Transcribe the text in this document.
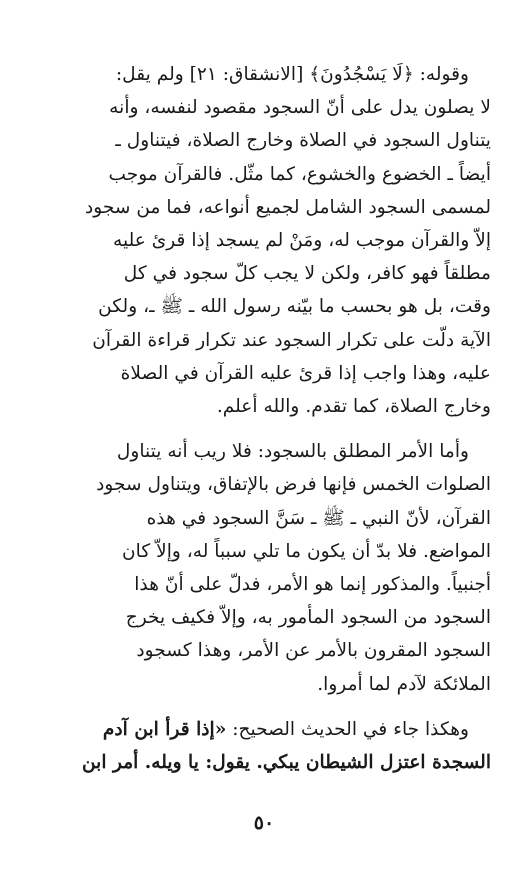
وقوله: ﴿لَا يَسْجُدُونَ﴾ [الانشقاق: ٢١] ولم يقل:
لا يصلون يدل على أنّ السجود مقصود لنفسه، وأنه
يتناول السجود في الصلاة وخارج الصلاة، فيتناول ـ
أيضاً ـ الخضوع والخشوع، كما مثّل. فالقرآن موجب
لمسمى السجود الشامل لجميع أنواعه، فما من سجود
إلاّ والقرآن موجب له، ومَنْ لم يسجد إذا قرئ عليه
مطلقاً فهو كافر، ولكن لا يجب كلّ سجود في كل
وقت، بل هو بحسب ما بيّنه رسول الله ـ ﷺ ـ، ولكن
الآية دلّت على تكرار السجود عند تكرار قراءة القرآن
عليه، وهذا واجب إذا قرئ عليه القرآن في الصلاة
وخارج الصلاة، كما تقدم. والله أعلم.

وأما الأمر المطلق بالسجود: فلا ريب أنه يتناول
الصلوات الخمس فإنها فرض بالإتفاق، ويتناول سجود
القرآن، لأنّ النبي ـ ﷺ ـ سَنَّ السجود في هذه
المواضع. فلا بدّ أن يكون ما تلي سبباً له، وإلاّ كان
أجنبياً. والمذكور إنما هو الأمر، فدلّ على أنّ هذا
السجود من السجود المأمور به، وإلاّ فكيف يخرج
السجود المقرون بالأمر عن الأمر، وهذا كسجود
الملائكة لآدم لما أمروا.

وهكذا جاء في الحديث الصحيح: «إذا قرأ ابن آدم
السجدة اعتزل الشيطان يبكي. يقول: يا ويله. أمر ابن

٥٠
